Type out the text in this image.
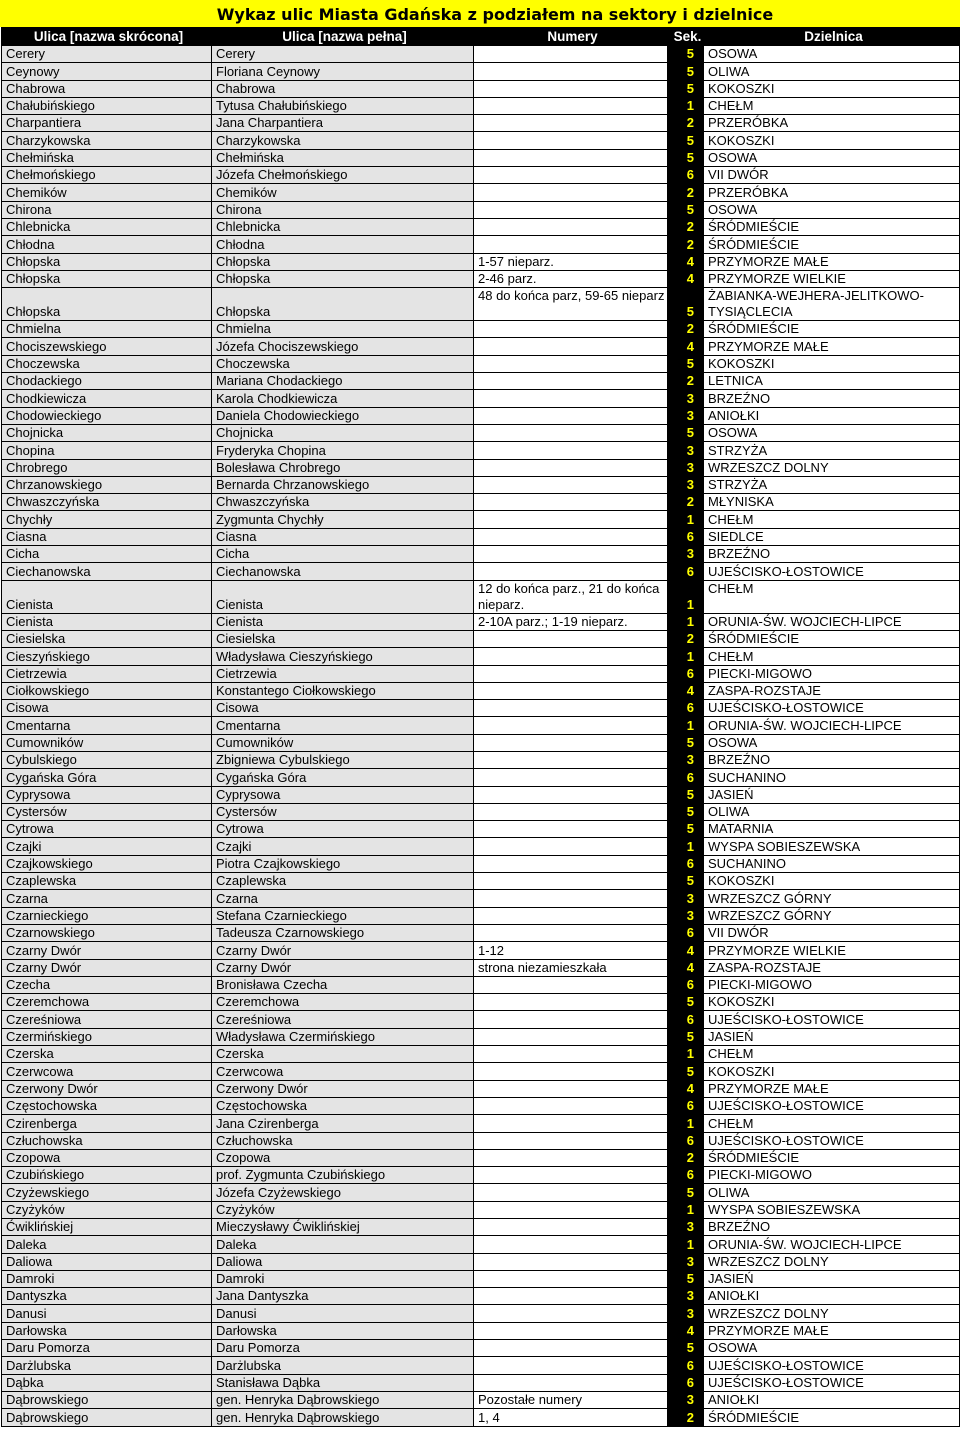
Wykaz ulic Miasta Gdańska z podziałem na sektory i dzielnice
Ulica [nazwa skrócona]	Ulica [nazwa pełna]	Numery	Sek.	Dzielnica
Cerery	Cerery		5	OSOWA
Ceynowy	Floriana Ceynowy		5	OLIWA
Chabrowa	Chabrowa		5	KOKOSZKI
Chałubińskiego	Tytusa Chałubińskiego		1	CHEŁM
Charpantiera	Jana Charpantiera		2	PRZERÓBKA
Charzykowska	Charzykowska		5	KOKOSZKI
Chełmińska	Chełmińska		5	OSOWA
Chełmońskiego	Józefa Chełmońskiego		6	VII DWÓR
Chemików	Chemików		2	PRZERÓBKA
Chirona	Chirona		5	OSOWA
Chlebnicka	Chlebnicka		2	ŚRÓDMIEŚCIE
Chłodna	Chłodna		2	ŚRÓDMIEŚCIE
Chłopska	Chłopska	1-57 nieparz.	4	PRZYMORZE MAŁE
Chłopska	Chłopska	2-46 parz.	4	PRZYMORZE WIELKIE
Chłopska	Chłopska	48 do końca parz, 59-65 nieparz	5	ŻABIANKA-WEJHERA-JELITKOWO-TYSIĄCLECIA
Chmielna	Chmielna		2	ŚRÓDMIEŚCIE
Chociszewskiego	Józefa Chociszewskiego		4	PRZYMORZE MAŁE
Choczewska	Choczewska		5	KOKOSZKI
Chodackiego	Mariana Chodackiego		2	LETNICA
Chodkiewicza	Karola Chodkiewicza		3	BRZEŹNO
Chodowieckiego	Daniela Chodowieckiego		3	ANIOŁKI
Chojnicka	Chojnicka		5	OSOWA
Chopina	Fryderyka Chopina		3	STRZYŻA
Chrobrego	Bolesława Chrobrego		3	WRZESZCZ DOLNY
Chrzanowskiego	Bernarda Chrzanowskiego		3	STRZYŻA
Chwaszczyńska	Chwaszczyńska		2	MŁYNISKA
Chychły	Zygmunta Chychły		1	CHEŁM
Ciasna	Ciasna		6	SIEDLCE
Cicha	Cicha		3	BRZEŹNO
Ciechanowska	Ciechanowska		6	UJEŚCISKO-ŁOSTOWICE
Cienista	Cienista	12 do końca parz., 21 do końca nieparz.	1	CHEŁM
Cienista	Cienista	2-10A parz.; 1-19 nieparz.	1	ORUNIA-ŚW. WOJCIECH-LIPCE
Ciesielska	Ciesielska		2	ŚRÓDMIEŚCIE
Cieszyńskiego	Władysława Cieszyńskiego		1	CHEŁM
Cietrzewia	Cietrzewia		6	PIECKI-MIGOWO
Ciołkowskiego	Konstantego Ciołkowskiego		4	ZASPA-ROZSTAJE
Cisowa	Cisowa		6	UJEŚCISKO-ŁOSTOWICE
Cmentarna	Cmentarna		1	ORUNIA-ŚW. WOJCIECH-LIPCE
Cumowników	Cumowników		5	OSOWA
Cybulskiego	Zbigniewa Cybulskiego		3	BRZEŹNO
Cygańska Góra	Cygańska Góra		6	SUCHANINO
Cyprysowa	Cyprysowa		5	JASIEŃ
Cystersów	Cystersów		5	OLIWA
Cytrowa	Cytrowa		5	MATARNIA
Czajki	Czajki		1	WYSPA SOBIESZEWSKA
Czajkowskiego	Piotra Czajkowskiego		6	SUCHANINO
Czaplewska	Czaplewska		5	KOKOSZKI
Czarna	Czarna		3	WRZESZCZ GÓRNY
Czarnieckiego	Stefana Czarnieckiego		3	WRZESZCZ GÓRNY
Czarnowskiego	Tadeusza Czarnowskiego		6	VII DWÓR
Czarny Dwór	Czarny Dwór	1-12	4	PRZYMORZE WIELKIE
Czarny Dwór	Czarny Dwór	strona niezamieszkała	4	ZASPA-ROZSTAJE
Czecha	Bronisława Czecha		6	PIECKI-MIGOWO
Czeremchowa	Czeremchowa		5	KOKOSZKI
Czereśniowa	Czereśniowa		6	UJEŚCISKO-ŁOSTOWICE
Czermińskiego	Władysława Czermińskiego		5	JASIEŃ
Czerska	Czerska		1	CHEŁM
Czerwcowa	Czerwcowa		5	KOKOSZKI
Czerwony Dwór	Czerwony Dwór		4	PRZYMORZE MAŁE
Częstochowska	Częstochowska		6	UJEŚCISKO-ŁOSTOWICE
Czirenberga	Jana Czirenberga		1	CHEŁM
Człuchowska	Człuchowska		6	UJEŚCISKO-ŁOSTOWICE
Czopowa	Czopowa		2	ŚRÓDMIEŚCIE
Czubińskiego	prof. Zygmunta Czubińskiego		6	PIECKI-MIGOWO
Czyżewskiego	Józefa Czyżewskiego		5	OLIWA
Czyżyków	Czyżyków		1	WYSPA SOBIESZEWSKA
Ćwiklińskiej	Mieczysławy Ćwiklińskiej		3	BRZEŹNO
Daleka	Daleka		1	ORUNIA-ŚW. WOJCIECH-LIPCE
Daliowa	Daliowa		3	WRZESZCZ DOLNY
Damroki	Damroki		5	JASIEŃ
Dantyszka	Jana Dantyszka		3	ANIOŁKI
Danusi	Danusi		3	WRZESZCZ DOLNY
Darłowska	Darłowska		4	PRZYMORZE MAŁE
Daru Pomorza	Daru Pomorza		5	OSOWA
Darżlubska	Darżlubska		6	UJEŚCISKO-ŁOSTOWICE
Dąbka	Stanisława Dąbka		6	UJEŚCISKO-ŁOSTOWICE
Dąbrowskiego	gen. Henryka Dąbrowskiego	Pozostałe numery	3	ANIOŁKI
Dąbrowskiego	gen. Henryka Dąbrowskiego	1, 4	2	ŚRÓDMIEŚCIE
